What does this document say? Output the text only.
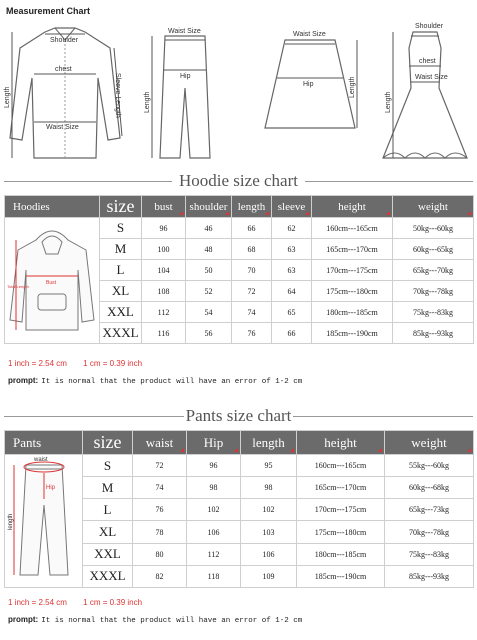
Measurement Chart
Shoulder
chest
Waist Size
Length	Sleeve Length
Waist Size
Hip
Length
Waist Size
Hip	Length
Shoulder
chest
Waist Size
Length
Hoodie size chart
Hoodies	size	bust	shoulder	length	sleeve	height	weight

Bust
Total Length	S	96	46	66	62	160cm---165cm	50kg---60kg
	M	100	48	68	63	165cm---170cm	60kg---65kg
	L	104	50	70	63	170cm---175cm	65kg---70kg
	XL	108	52	72	64	175cm---180cm	70kg---78kg
	XXL	112	54	74	65	180cm---185cm	75kg---83kg
	XXXL	116	56	76	66	185cm---190cm	85kg---93kg
1 inch = 2.54 cm 1 cm = 0.39 inch
prompt: It is normal that the product will have an error of 1-2 cm
Pants size chart
Pants	size	waist	Hip	length	height	weight

waist
Hip
length	S	72	96	95	160cm---165cm	55kg---60kg
	M	74	98	98	165cm---170cm	60kg---68kg
	L	76	102	102	170cm---175cm	65kg---73kg
	XL	78	106	103	175cm---180cm	70kg---78kg
	XXL	80	112	106	180cm---185cm	75kg---83kg
	XXXL	82	118	109	185cm---190cm	85kg---93kg
1 inch = 2.54 cm 1 cm = 0.39 inch
prompt: It is normal that the product will have an error of 1-2 cm
